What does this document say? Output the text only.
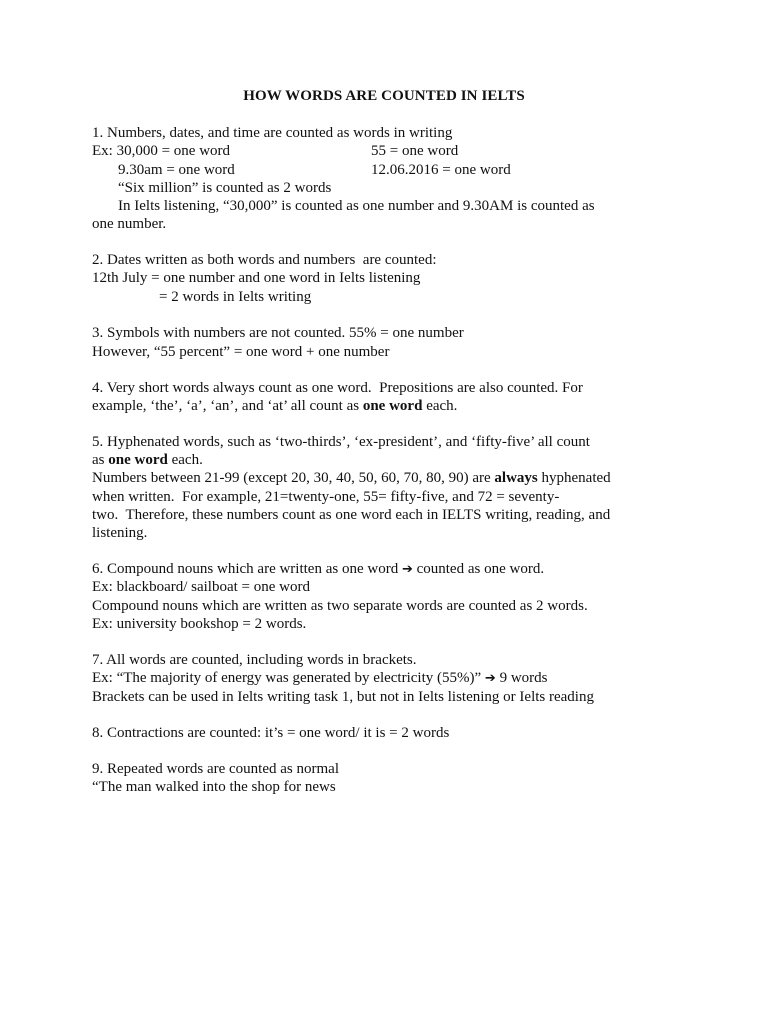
HOW WORDS ARE COUNTED IN IELTS
1. Numbers, dates, and time are counted as words in writing
Ex: 30,000 = one word	55 = one word
9.30am = one word	12.06.2016 = one word
“Six million” is counted as 2 words
In Ielts listening, “30,000” is counted as one number and 9.30AM is counted as
one number.
2. Dates written as both words and numbers  are counted:
12th July = one number and one word in Ielts listening
= 2 words in Ielts writing
3. Symbols with numbers are not counted. 55% = one number
However, “55 percent” = one word + one number
4. Very short words always count as one word.  Prepositions are also counted. For
example, ‘the’, ‘a’, ‘an’, and ‘at’ all count as one word each.
5. Hyphenated words, such as ‘two-thirds’, ‘ex-president’, and ‘fifty-five’ all count
as one word each.
Numbers between 21-99 (except 20, 30, 40, 50, 60, 70, 80, 90) are always hyphenated
when written.  For example, 21=twenty-one, 55= fifty-five, and 72 = seventy-
two.  Therefore, these numbers count as one word each in IELTS writing, reading, and
listening.
6. Compound nouns which are written as one word ➔ counted as one word.
Ex: blackboard/ sailboat = one word
Compound nouns which are written as two separate words are counted as 2 words.
Ex: university bookshop = 2 words.
7. All words are counted, including words in brackets.
Ex: “The majority of energy was generated by electricity (55%)” ➔ 9 words
Brackets can be used in Ielts writing task 1, but not in Ielts listening or Ielts reading
8. Contractions are counted: it’s = one word/ it is = 2 words
9. Repeated words are counted as normal
“The man walked into the shop for news
